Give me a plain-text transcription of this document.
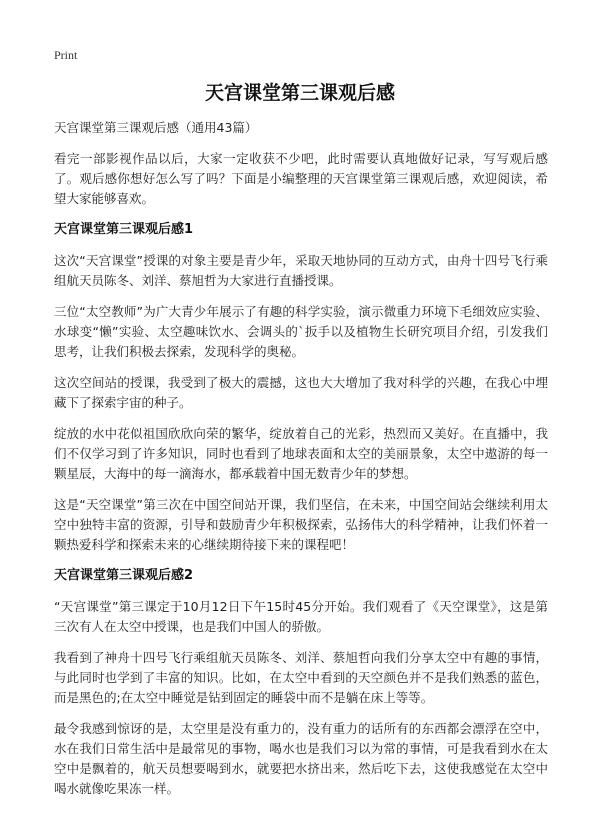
Print
天宫课堂第三课观后感

天宫课堂第三课观后感（通用43篇）

看完一部影视作品以后，大家一定收获不少吧，此时需要认真地做好记录，写写观后感了。观后感你想好怎么写了吗？下面是小编整理的天宫课堂第三课观后感，欢迎阅读，希望大家能够喜欢。

天宫课堂第三课观后感1

这次“天宫课堂”授课的对象主要是青少年，采取天地协同的互动方式，由舟十四号飞行乘组航天员陈冬、刘洋、蔡旭哲为大家进行直播授课。

三位“太空教师”为广大青少年展示了有趣的科学实验，演示微重力环境下毛细效应实验、水球变“懒”实验、太空趣味饮水、会调头的`扳手以及植物生长研究项目介绍，引发我们思考，让我们积极去探索，发现科学的奥秘。

这次空间站的授课，我受到了极大的震撼，这也大大增加了我对科学的兴趣，在我心中埋藏下了探索宇宙的种子。

绽放的水中花似祖国欣欣向荣的繁华，绽放着自己的光彩，热烈而又美好。在直播中，我们不仅学习到了许多知识，同时也看到了地球表面和太空的美丽景象，太空中遨游的每一颗星辰，大海中的每一滴海水，都承载着中国无数青少年的梦想。

这是“天空课堂”第三次在中国空间站开课，我们坚信，在未来，中国空间站会继续利用太空中独特丰富的资源，引导和鼓励青少年积极探索，弘扬伟大的科学精神，让我们怀着一颗热爱科学和探索未来的心继续期待接下来的课程吧！

天宫课堂第三课观后感2

“天宫课堂”第三课定于10月12日下午15时45分开始。我们观看了《天空课堂》，这是第三次有人在太空中授课，也是我们中国人的骄傲。

我看到了神舟十四号飞行乘组航天员陈冬、刘洋、蔡旭哲向我们分享太空中有趣的事情，与此同时也学到了丰富的知识。比如，在太空中看到的天空颜色并不是我们熟悉的蓝色，而是黑色的;在太空中睡觉是钻到固定的睡袋中而不是躺在床上等等。

最令我感到惊讶的是，太空里是没有重力的，没有重力的话所有的东西都会漂浮在空中，水在我们日常生活中是最常见的事物，喝水也是我们习以为常的事情，可是我看到水在太空中是飘着的，航天员想要喝到水，就要把水挤出来，然后吃下去，这使我感觉在太空中喝水就像吃果冻一样。
